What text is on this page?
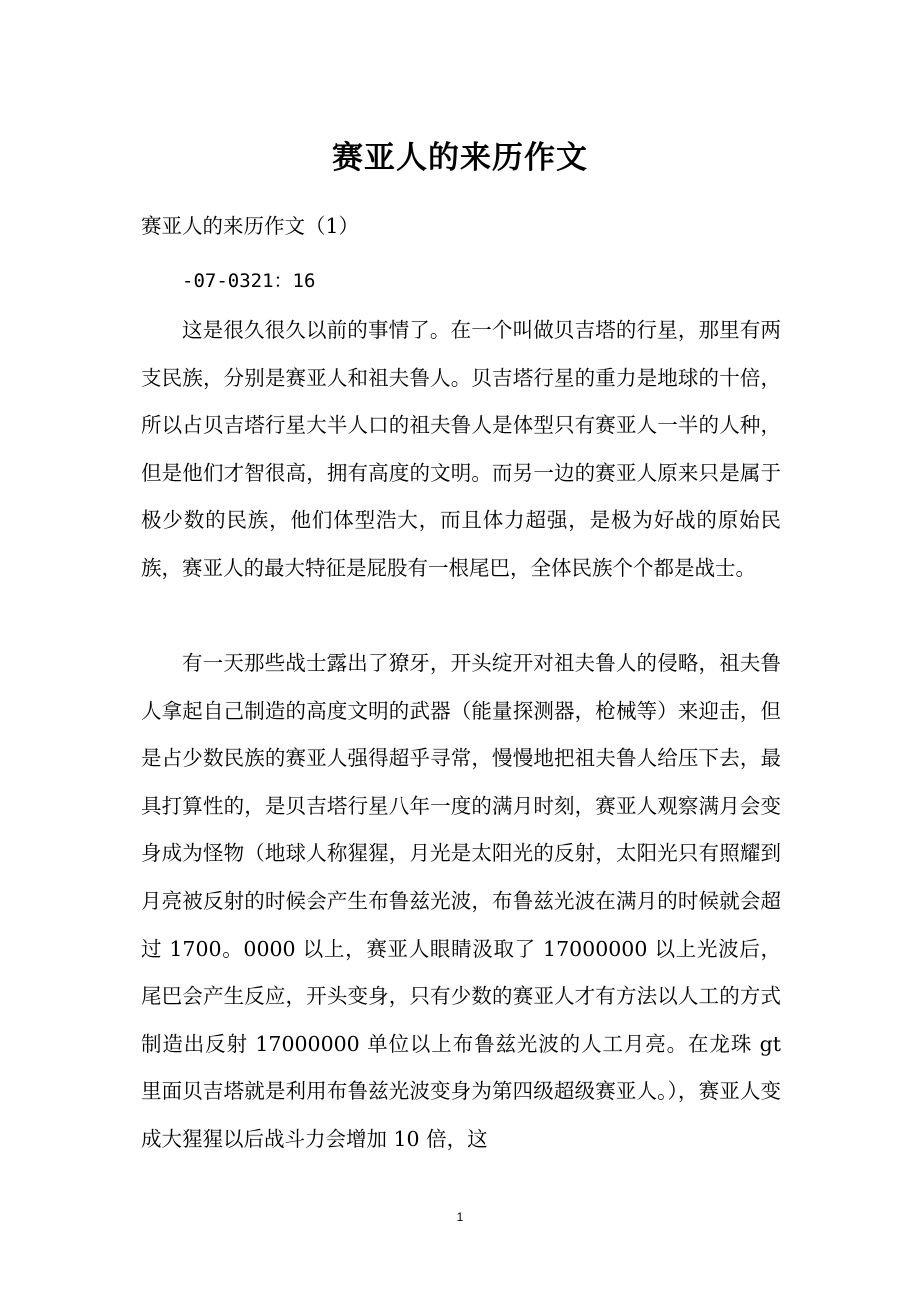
赛亚人的来历作文

赛亚人的来历作文（1）

-07-0321：16

这是很久很久以前的事情了。在一个叫做贝吉塔的行星，那里有两支民族，分别是赛亚人和祖夫鲁人。贝吉塔行星的重力是地球的十倍，所以占贝吉塔行星大半人口的祖夫鲁人是体型只有赛亚人一半的人种，但是他们才智很高，拥有高度的文明。而另一边的赛亚人原来只是属于极少数的民族，他们体型浩大，而且体力超强，是极为好战的原始民族，赛亚人的最大特征是屁股有一根尾巴，全体民族个个都是战士。

有一天那些战士露出了獠牙，开头绽开对祖夫鲁人的侵略，祖夫鲁人拿起自己制造的高度文明的武器（能量探测器，枪械等）来迎击，但是占少数民族的赛亚人强得超乎寻常，慢慢地把祖夫鲁人给压下去，最具打算性的，是贝吉塔行星八年一度的满月时刻，赛亚人观察满月会变身成为怪物（地球人称猩猩，月光是太阳光的反射，太阳光只有照耀到月亮被反射的时候会产生布鲁兹光波，布鲁兹光波在满月的时候就会超过 1700。0000 以上，赛亚人眼睛汲取了 17000000 以上光波后，尾巴会产生反应，开头变身，只有少数的赛亚人才有方法以人工的方式制造出反射 17000000 单位以上布鲁兹光波的人工月亮。在龙珠 gt 里面贝吉塔就是利用布鲁兹光波变身为第四级超级赛亚人。），赛亚人变成大猩猩以后战斗力会增加 10 倍，这

1
